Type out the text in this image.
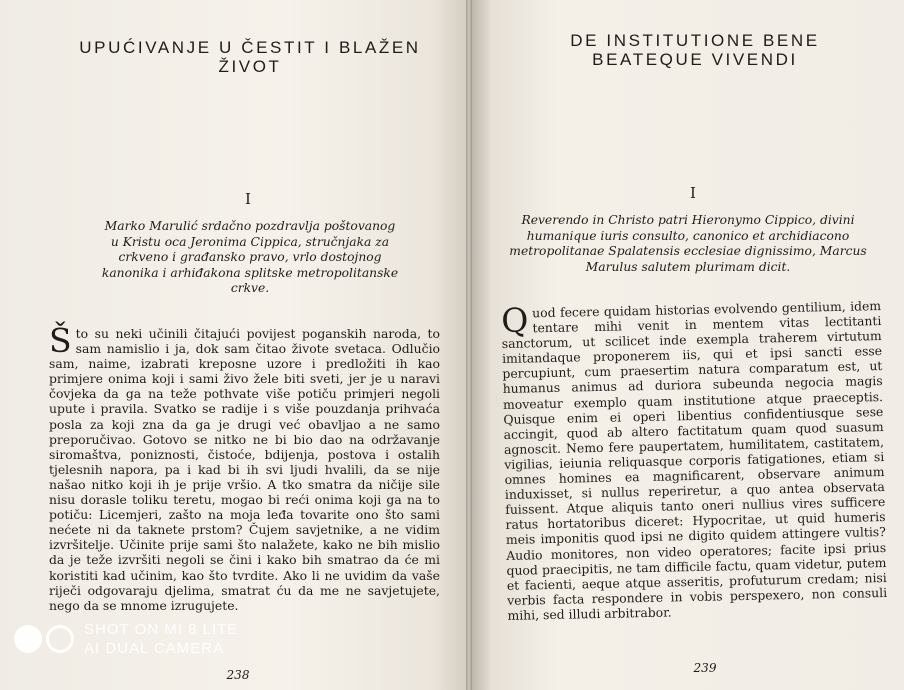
UPUĆIVANJE U ČESTIT I BLAŽEN ŽIVOT
I

Marko Marulić srdačno pozdravlja poštovanog u Kristu oca Jeronima Cippica, stručnjaka za crkveno i građansko pravo, vrlo dostojnog kanonika i arhiđakona splitske metropolitanske crkve.

Što su neki učinili čitajući povijest poganskih naroda, to sam namislio i ja, dok sam čitao živote svetaca. Odlučio sam, naime, izabrati kreposne uzore i predložiti ih kao primjere onima koji i sami živo žele biti sveti, jer je u naravi čovjeka da ga na teže pothvate više potiču primjeri negoli upute i pravila. Svatko se radije i s više pouzdanja prihvaća posla za koji zna da ga je drugi već obavljao a ne samo preporučivao. Gotovo se nitko ne bi bio dao na održavanje siromaštva, poniznosti, čistoće, bdijenja, postova i ostalih tjelesnih napora, pa i kad bi ih svi ljudi hvalili, da se nije našao nitko koji ih je prije vršio. A tko smatra da ničije sile nisu dorasle toliku teretu, mogao bi reći onima koji ga na to potiču: Licemjeri, zašto na moja leđa tovarite ono što sami nećete ni da taknete prstom? Čujem savjetnike, a ne vidim izvršitelje. Učinite prije sami što nalažete, kako ne bih mislio da je teže izvršiti negoli se čini i kako bih smatrao da će mi koristiti kad učinim, kao što tvrdite. Ako li ne uvidim da vaše riječi odgovaraju djelima, smatrat ću da me ne savjetujete, nego da se mnome izrugujete.

238
DE INSTITUTIONE BENE BEATEQUE VIVENDI
I

Reverendo in Christo patri Hieronymo Cippico, divini humanique iuris consulto, canonico et archidiacono metropolitanae Spalatensis ecclesiae dignissimo, Marcus Marulus salutem plurimam dicit.

Quod fecere quidam historias evolvendo gentilium, idem tentare mihi venit in mentem vitas lectitanti sanctorum, ut scilicet inde exempla traherem virtutum imitandaque proponerem iis, qui et ipsi sancti esse percupiunt, cum praesertim natura comparatum est, ut humanus animus ad duriora subeunda negocia magis moveatur exemplo quam institutione atque praeceptis. Quisque enim ei operi libentius confidentiusque sese accingit, quod ab altero factitatum quam quod suasum agnoscit. Nemo fere paupertatem, humilitatem, castitatem, vigilias, ieiunia reliquasque corporis fatigationes, etiam si omnes homines ea magnificarent, observare animum induxisset, si nullus reperiretur, a quo antea observata fuissent. Atque aliquis tanto oneri nullius vires sufficere ratus hortatoribus diceret: Hypocritae, ut quid humeris meis imponitis quod ipsi ne digito quidem attingere vultis? Audio monitores, non video operatores; facite ipsi prius quod praecipitis, ne tam difficile factu, quam videtur, putem et facienti, aeque atque asseritis, profuturum credam; nisi verbis facta respondere in vobis perspexero, non consuli mihi, sed illudi arbitrabor.

239
SHOT ON MI 8 LITE
AI DUAL CAMERA
